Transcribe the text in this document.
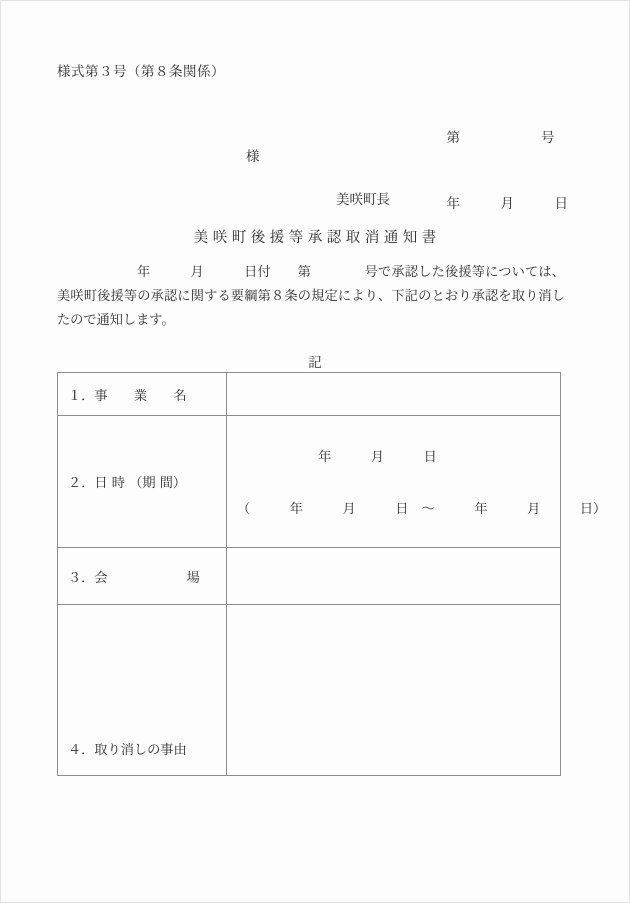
様式第３号（第８条関係）

第　　　　　　号

年　　　月　　　日

様
美咲町長
美咲町後援等承認取消通知書
年　　　月　　　日付　　第　　　　号で承認した後援等については、美咲町後援等の承認に関する要綱第８条の規定により、下記のとおり承認を取り消したので通知します。
記
１．事　　業　　名	
２．日 時 （期 間）	年　　　月　　　日

（　　　年　　　月　　　日　～　　　年　　　月　　　日）

３．会　　　　　　場	

４．取り消しの事由	
